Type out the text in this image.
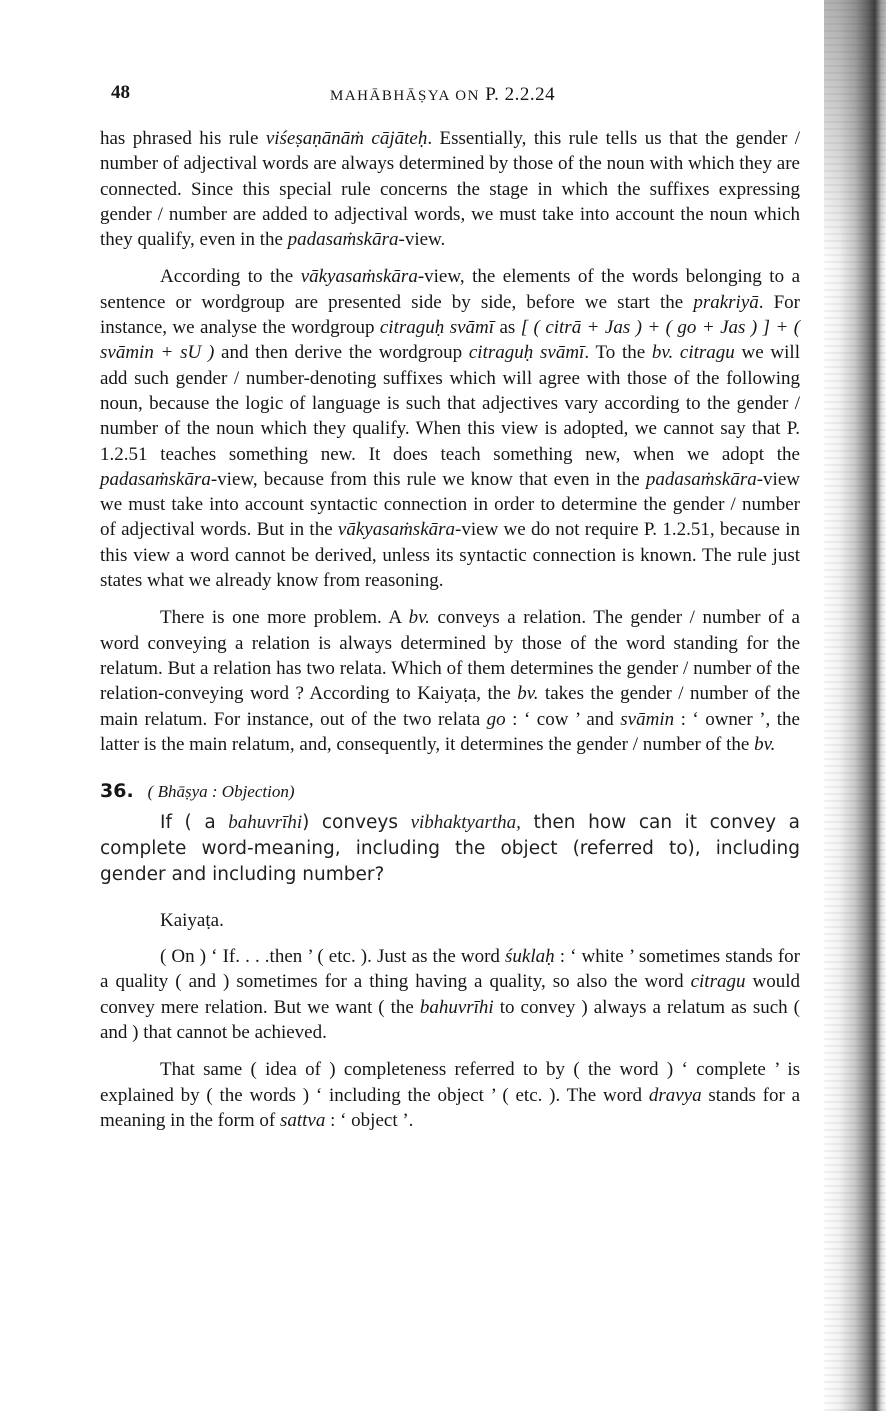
48	MAHĀBHĀṢYA ON P. 2.2.24

has phrased his rule viśeṣaṇānāṁ cājāteḥ. Essentially, this rule tells us that the gender / number of adjectival words are always determined by those of the noun with which they are connected. Since this special rule concerns the stage in which the suffixes expressing gender / number are added to adjectival words, we must take into account the noun which they qualify, even in the padasaṁskāra-view.

According to the vākyasaṁskāra-view, the elements of the words belonging to a sentence or wordgroup are presented side by side, before we start the prakriyā. For instance, we analyse the wordgroup citraguḥ svāmī as [ ( citrā + Jas ) + ( go + Jas ) ] + ( svāmin + sU ) and then derive the wordgroup citraguḥ svāmī. To the bv. citragu we will add such gender / number-denoting suffixes which will agree with those of the following noun, because the logic of language is such that adjectives vary according to the gender / number of the noun which they qualify. When this view is adopted, we cannot say that P. 1.2.51 teaches something new. It does teach something new, when we adopt the padasaṁskāra-view, because from this rule we know that even in the padasaṁskāra-view we must take into account syntactic connection in order to determine the gender / number of adjectival words. But in the vākyasaṁskāra-view we do not require P. 1.2.51, because in this view a word cannot be derived, unless its syntactic connection is known. The rule just states what we already know from reasoning.

There is one more problem. A bv. conveys a relation. The gender / number of a word conveying a relation is always determined by those of the word standing for the relatum. But a relation has two relata. Which of them determines the gender / number of the relation-conveying word ? According to Kaiyaṭa, the bv. takes the gender / number of the main relatum. For instance, out of the two relata go : ‘ cow ’ and svāmin : ‘ owner ’, the latter is the main relatum, and, consequently, it determines the gender / number of the bv.

36. ( Bhāṣya : Objection)

If ( a bahuvrīhi) conveys vibhaktyartha, then how can it convey a complete word-meaning, including the object (referred to), including gender and including number?

Kaiyaṭa.

( On ) ‘ If. . . .then ’ ( etc. ). Just as the word śuklaḥ : ‘ white ’ sometimes stands for a quality ( and ) sometimes for a thing having a quality, so also the word citragu would convey mere relation. But we want ( the bahuvrīhi to convey ) always a relatum as such ( and ) that cannot be achieved.

That same ( idea of ) completeness referred to by ( the word ) ‘ complete ’ is explained by ( the words ) ‘ including the object ’ ( etc. ). The word dravya stands for a meaning in the form of sattva : ‘ object ’.
